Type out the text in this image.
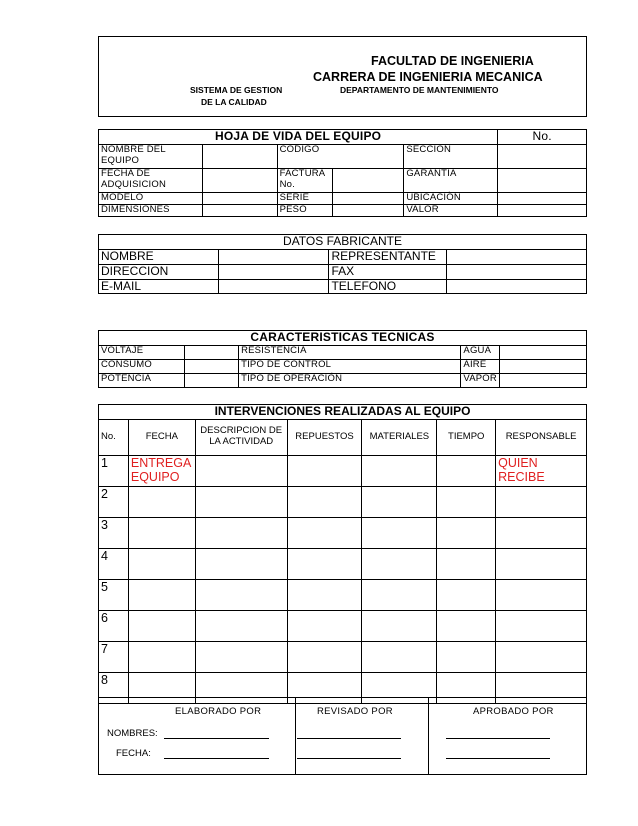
FACULTAD DE INGENIERIA
CARRERA DE INGENIERIA MECANICA
SISTEMA DE GESTION
DE LA CALIDAD
DEPARTAMENTO DE MANTENIMIENTO
HOJA DE VIDA DEL EQUIPO					No.
NOMBRE DEL EQUIPO		CODIGO		SECCION	
FECHA DE ADQUISICION		FACTURA No.		GARANTIA	
MODELO		SERIE		UBICACIÒN	
DIMENSIONES		PESO		VALOR	
DATOS FABRICANTE			
NOMBRE		REPRESENTANTE	
DIRECCION		FAX	
E-MAIL		TELEFONO	
CARACTERISTICAS TECNICAS				
VOLTAJE		RESISTENCIA	AGUA	
CONSUMO		TIPO DE CONTROL	AIRE	
POTENCIA		TIPO DE OPERACIÓN	VAPOR	
INTERVENCIONES REALIZADAS AL EQUIPO						
No.	FECHA	DESCRIPCION DE LA ACTIVIDAD	REPUESTOS	MATERIALES	TIEMPO	RESPONSABLE
1	ENTREGA EQUIPO					QUIEN RECIBE
2						
3						
4						
5						
6						
7						
8						
ELABORADO POR	REVISADO POR	APROBADO POR
NOMBRES:
FECHA:
